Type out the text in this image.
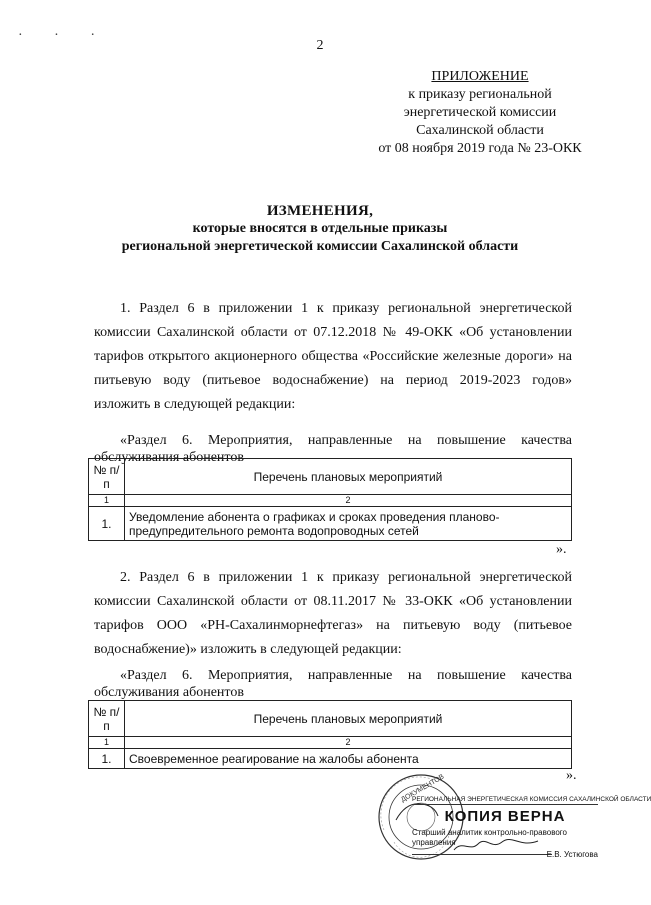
· · ·
2
ПРИЛОЖЕНИЕ
к приказу региональной
энергетической комиссии
Сахалинской области
от 08 ноября 2019 года № 23-ОКК
ИЗМЕНЕНИЯ,
которые вносятся в отдельные приказы
региональной энергетической комиссии Сахалинской области
1. Раздел 6 в приложении 1 к приказу региональной энергетической комиссии Сахалинской области от 07.12.2018 № 49-ОКК «Об установлении тарифов открытого акционерного общества «Российские железные дороги» на питьевую воду (питьевое водоснабжение) на период 2019-2023 годов» изложить в следующей редакции:
«Раздел 6. Мероприятия, направленные на повышение качества обслуживания абонентов
№ п/п	Перечень плановых мероприятий
1	2
1.	Уведомление абонента о графиках и сроках проведения планово-предупредительного ремонта водопроводных сетей
».
2. Раздел 6 в приложении 1 к приказу региональной энергетической комиссии Сахалинской области от 08.11.2017 № 33-ОКК «Об установлении тарифов ООО «РН-Сахалинморнефтегаз» на питьевую воду (питьевое водоснабжение)» изложить в следующей редакции:
«Раздел 6. Мероприятия, направленные на повышение качества обслуживания абонентов
№ п/п	Перечень плановых мероприятий
1	2
1.	Своевременное реагирование на жалобы абонента
».
ДОКУМЕНТОВ
РЕГИОНАЛЬНАЯ ЭНЕРГЕТИЧЕСКАЯ КОМИССИЯ САХАЛИНСКОЙ ОБЛАСТИ
КОПИЯ ВЕРНА
Старший аналитик контрольно-правового управления
Е.В. Устюгова
